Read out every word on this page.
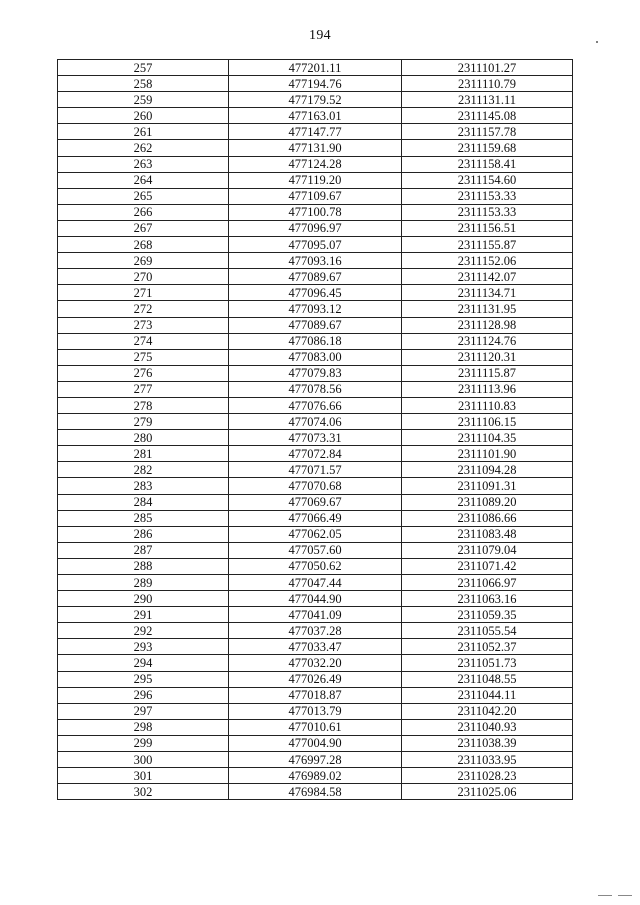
194
257	477201.11	2311101.27
258	477194.76	2311110.79
259	477179.52	2311131.11
260	477163.01	2311145.08
261	477147.77	2311157.78
262	477131.90	2311159.68
263	477124.28	2311158.41
264	477119.20	2311154.60
265	477109.67	2311153.33
266	477100.78	2311153.33
267	477096.97	2311156.51
268	477095.07	2311155.87
269	477093.16	2311152.06
270	477089.67	2311142.07
271	477096.45	2311134.71
272	477093.12	2311131.95
273	477089.67	2311128.98
274	477086.18	2311124.76
275	477083.00	2311120.31
276	477079.83	2311115.87
277	477078.56	2311113.96
278	477076.66	2311110.83
279	477074.06	2311106.15
280	477073.31	2311104.35
281	477072.84	2311101.90
282	477071.57	2311094.28
283	477070.68	2311091.31
284	477069.67	2311089.20
285	477066.49	2311086.66
286	477062.05	2311083.48
287	477057.60	2311079.04
288	477050.62	2311071.42
289	477047.44	2311066.97
290	477044.90	2311063.16
291	477041.09	2311059.35
292	477037.28	2311055.54
293	477033.47	2311052.37
294	477032.20	2311051.73
295	477026.49	2311048.55
296	477018.87	2311044.11
297	477013.79	2311042.20
298	477010.61	2311040.93
299	477004.90	2311038.39
300	476997.28	2311033.95
301	476989.02	2311028.23
302	476984.58	2311025.06
